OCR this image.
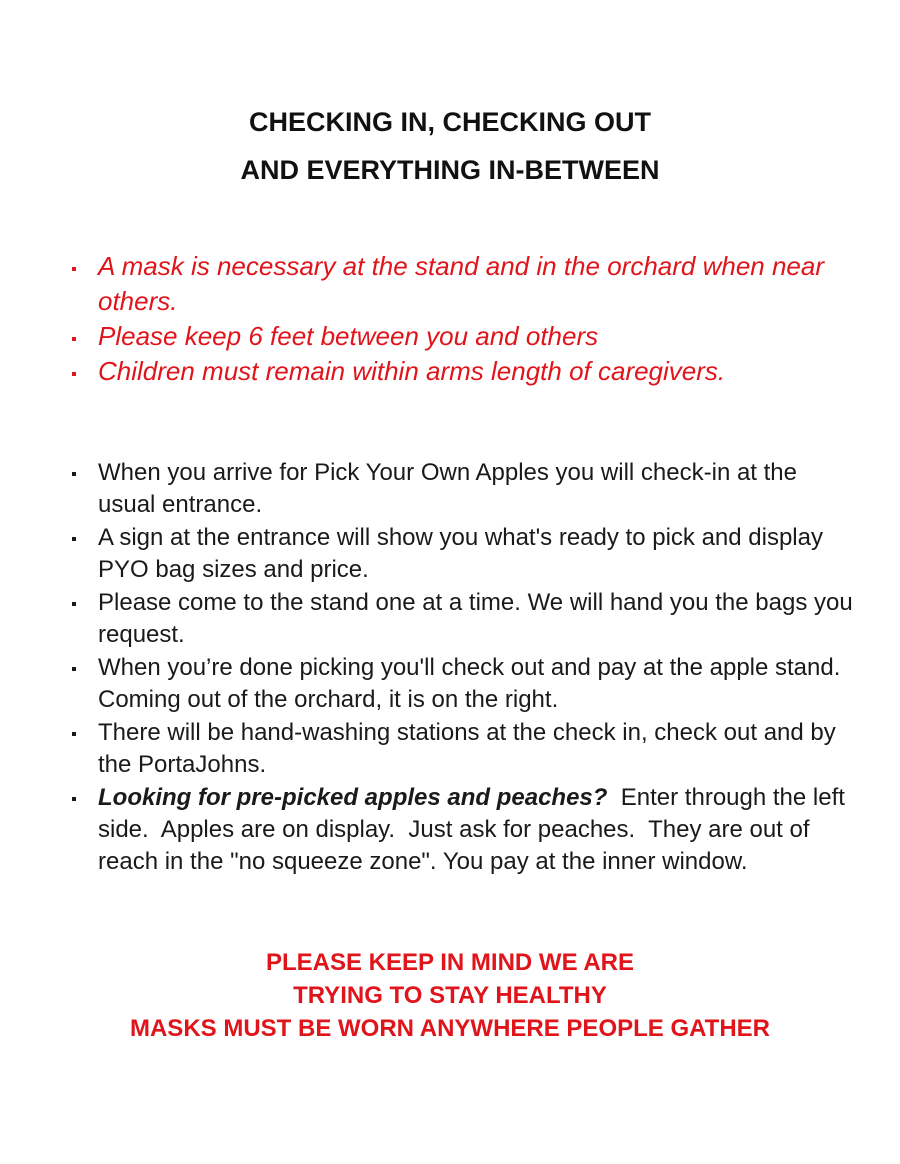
CHECKING IN, CHECKING OUT
AND EVERYTHING IN-BETWEEN
A mask is necessary at the stand and in the orchard when near others.
Please keep 6 feet between you and others
Children must remain within arms length of caregivers.
When you arrive for Pick Your Own Apples you will check-in at the usual entrance.
A sign at the entrance will show you what's ready to pick and display PYO bag sizes and price.
Please come to the stand one at a time. We will hand you the bags you request.
When you’re done picking you'll check out and pay at the apple stand. Coming out of the orchard, it is on the right.
There will be hand-washing stations at the check in, check out and by the PortaJohns.
Looking for pre-picked apples and peaches?  Enter through the left side.  Apples are on display.  Just ask for peaches.  They are out of reach in the "no squeeze zone". You pay at the inner window.
PLEASE KEEP IN MIND WE ARE
TRYING TO STAY HEALTHY
MASKS MUST BE WORN ANYWHERE PEOPLE GATHER
